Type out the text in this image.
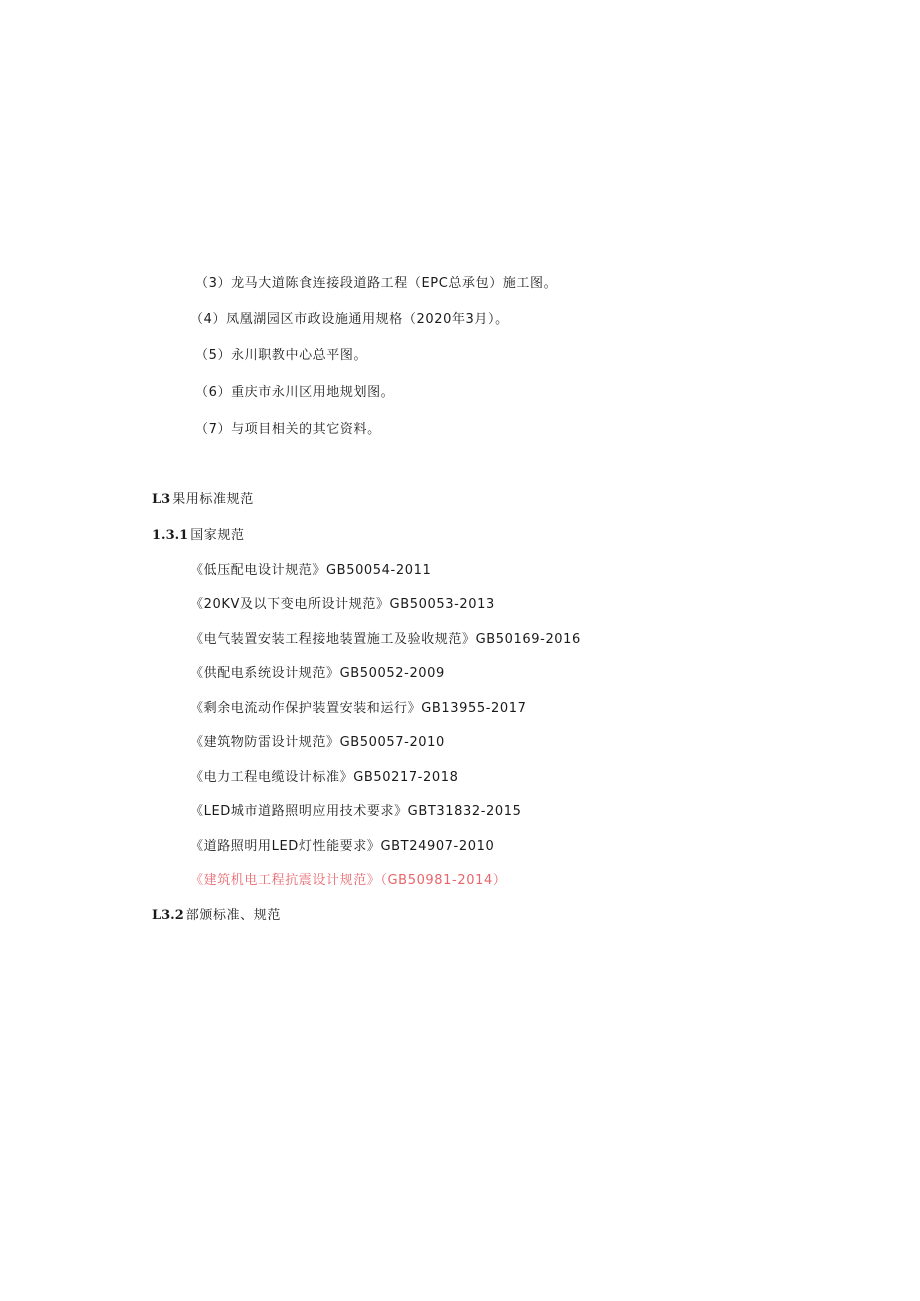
（3）龙马大道陈食连接段道路工程（EPC总承包）施工图。
（4）凤凰湖园区市政设施通用规格（2020年3月）。
（5）永川职教中心总平图。
（6）重庆市永川区用地规划图。
（7）与项目相关的其它资料。
L3 果用标准规范
1.3.1 国家规范
《低压配电设计规范》GB50054-2011
《20KV及以下变电所设计规范》GB50053-2013
《电气装置安装工程接地装置施工及验收规范》GB50169-2016
《供配电系统设计规范》GB50052-2009
《剩余电流动作保护装置安装和运行》GB13955-2017
《建筑物防雷设计规范》GB50057-2010
《电力工程电缆设计标准》GB50217-2018
《LED城市道路照明应用技术要求》GBT31832-2015
《道路照明用LED灯性能要求》GBT24907-2010
《建筑机电工程抗震设计规范》（GB50981-2014）
L3.2 部颁标准、规范
